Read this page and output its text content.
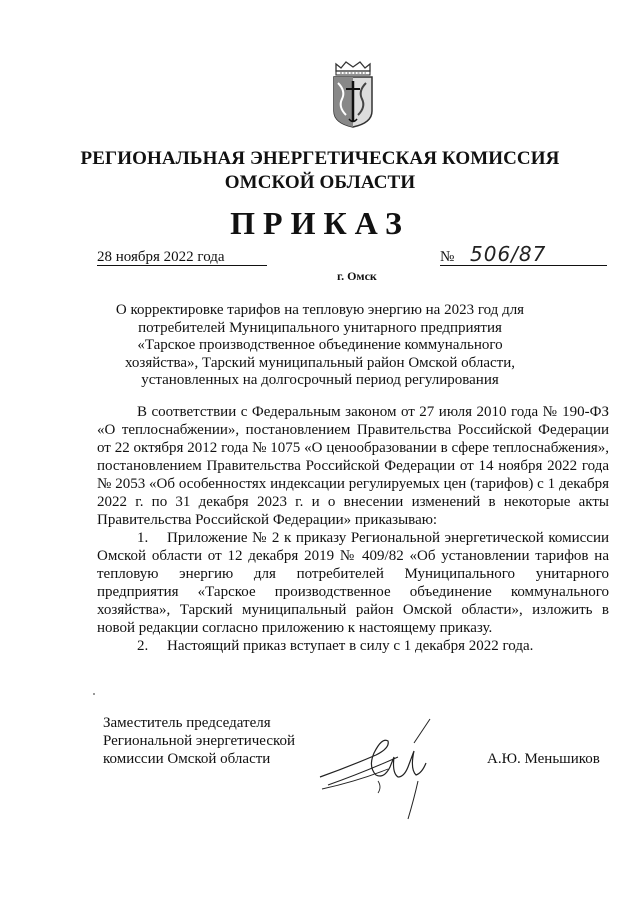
РЕГИОНАЛЬНАЯ ЭНЕРГЕТИЧЕСКАЯ КОМИССИЯ
ОМСКОЙ ОБЛАСТИ
ПРИКАЗ
28 ноября 2022 года	№ 506/87
г. Омск
О корректировке тарифов на тепловую энергию на 2023 год для потребителей Муниципального унитарного предприятия «Тарское производственное объединение коммунального хозяйства», Тарский муниципальный район Омской области, установленных на долгосрочный период регулирования

В соответствии с Федеральным законом от 27 июля 2010 года № 190-ФЗ «О теплоснабжении», постановлением Правительства Российской Федерации от 22 октября 2012 года № 1075 «О ценообразовании в сфере теплоснабжения», постановлением Правительства Российской Федерации от 14 ноября 2022 года № 2053 «Об особенностях индексации регулируемых цен (тарифов) с 1 декабря 2022 г. по 31 декабря 2023 г. и о внесении изменений в некоторые акты Правительства Российской Федерации» приказываю:

1. Приложение № 2 к приказу Региональной энергетической комиссии Омской области от 12 декабря 2019 № 409/82 «Об установлении тарифов на тепловую энергию для потребителей Муниципального унитарного предприятия «Тарское производственное объединение коммунального хозяйства», Тарский муниципальный район Омской области», изложить в новой редакции согласно приложению к настоящему приказу.

2. Настоящий приказ вступает в силу с 1 декабря 2022 года.

Заместитель председателя
Региональной энергетической
комиссии Омской области	А.Ю. Меньшиков
